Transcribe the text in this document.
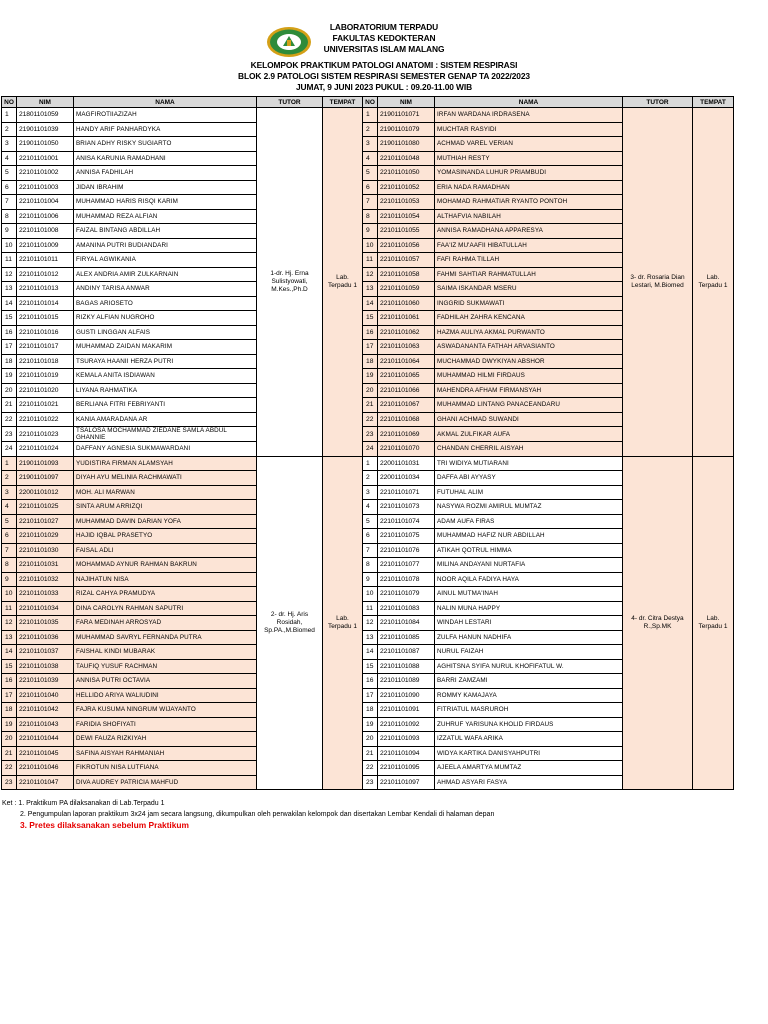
LABORATORIUM TERPADU
FAKULTAS KEDOKTERAN
UNIVERSITAS ISLAM MALANG
KELOMPOK PRAKTIKUM PATOLOGI ANATOMI : SISTEM RESPIRASI
BLOK 2.9 PATOLOGI SISTEM RESPIRASI SEMESTER GENAP TA 2022/2023
JUMAT, 9 JUNI 2023 PUKUL : 09.20-11.00 WIB
NO	NIM	NAMA	TUTOR	TEMPAT	NO	NIM	NAMA	TUTOR	TEMPAT
1	21801101059	MAGFIROTIIAZIZAH	1-dr. Hj. Erna Sulistyowati, M.Kes.,Ph.D	Lab. Terpadu 1	1	21901101071	IRFAN WARDANA IRDRASENA	3- dr. Rosaria Dian Lestari, M.Biomed	Lab. Terpadu 1
2	21901101039	HANDY ARIF PANHARDYKA			2	21901101079	MUCHTAR RASYIDI		
3	21901101050	BRIAN ADHY RISKY SUGIARTO			3	21901101080	ACHMAD VAREL VERIAN		
4	22101101001	ANISA KARUNIA RAMADHANI			4	22101101048	MUTHIAH RESTY		
5	22101101002	ANNISA FADHILAH			5	22101101050	YOMASINANDA LUHUR PRIAMBUDI		
6	22101101003	JIDAN IBRAHIM			6	22101101052	ERIA NADA RAMADHAN		
7	22101101004	MUHAMMAD HARIS RISQI KARIM			7	22101101053	MOHAMAD RAHMATIAR RYANTO PONTOH		
8	22101101006	MUHAMMAD REZA ALFIAN			8	22101101054	ALTHAFVIA NABILAH		
9	22101101008	FAIZAL BINTANG ABDILLAH			9	22101101055	ANNISA RAMADHANA APPARESYA		
10	22101101009	AMANINA PUTRI BUDIANDARI			10	22101101056	FAA'IZ MU'AAFII HIBATULLAH		
11	22101101011	FIRYAL AGWIKANIA			11	22101101057	FAFI RAHMA TILLAH		
12	22101101012	ALEX ANDRIA AMIR ZULKARNAIN			12	22101101058	FAHMI SAHTIAR RAHMATULLAH		
13	22101101013	ANDINY TARISA ANWAR			13	22101101059	SAIMA ISKANDAR MSERU		
14	22101101014	BAGAS ARIOSETO			14	22101101060	INGGRID SUKMAWATI		
15	22101101015	RIZKY ALFIAN NUGROHO			15	22101101061	FADHILAH ZAHRA KENCANA		
16	22101101016	GUSTI LINGGAN ALFAIS			16	22101101062	HAZMA AULIYA AKMAL PURWANTO		
17	22101101017	MUHAMMAD ZAIDAN MAKARIM			17	22101101063	ASWADANANTA FATHAH ARVASIANTO		
18	22101101018	TSURAYA HAANII HERZA PUTRI			18	22101101064	MUCHAMMAD DWYKIYAN ABSHOR		
19	22101101019	KEMALA ANITA ISDIAWAN			19	22101101065	MUHAMMAD HILMI FIRDAUS		
20	22101101020	LIYANA RAHMATIKA			20	22101101066	MAHENDRA AFHAM FIRMANSYAH		
21	22101101021	BERLIANA FITRI FEBRIYANTI			21	22101101067	MUHAMMAD LINTANG PANACEANDARU		
22	22101101022	KANIA AMARADANA AR			22	22101101068	GHANI ACHMAD SUWANDI		
23	22101101023	TSALOSA MOCHAMMAD ZIEDANE SAMLA ABDUL GHANNIE			23	22101101069	AKMAL ZULFIKAR AUFA		
24	22101101024	DAFFANY AGNESIA SUKMAWARDANI			24	22101101070	CHANDAN CHERRIL AISYAH		
1	21901101093	YUDISTIRA FIRMAN ALAMSYAH	2- dr. Hj. Aris Rosidah, Sp.PA.,M.Biomed	Lab. Terpadu 1	1	22001101031	TRI WIDIYA MUTIARANI	4- dr. Citra Destya R.,Sp.MK	Lab. Terpadu 1
2	21901101097	DIYAH AYU MELINIA RACHMAWATI			2	22001101034	DAFFA ABI AYYASY		
3	22001101012	MOH. ALI MARWAN			3	22101101071	FUTUHAL ALIM		
4	22101101025	SINTA ARUM ARRIZQI			4	22101101073	NASYWA ROZMI AMIRUL MUMTAZ		
5	22101101027	MUHAMMAD DAVIN DARIAN YOFA			5	22101101074	ADAM AUFA FIRAS		
6	22101101029	HAJID IQBAL PRASETYO			6	22101101075	MUHAMMAD HAFIZ NUR ABDILLAH		
7	22101101030	FAISAL ADLI			7	22101101076	ATIKAH QOTRUL HIMMA		
8	22101101031	MOHAMMAD AYNUR RAHMAN BAKRUN			8	22101101077	MILINA ANDAYANI NURTAFIA		
9	22101101032	NAJIHATUN NISA			9	22101101078	NOOR AQILA FADIYA HAYA		
10	22101101033	RIZAL CAHYA PRAMUDYA			10	22101101079	AINUL MUTMA'INAH		
11	22101101034	DINA CAROLYN RAHMAN SAPUTRI			11	22101101083	NALIN MUNA HAPPY		
12	22101101035	FARA MEDINAH ARROSYAD			12	22101101084	WINDAH LESTARI		
13	22101101036	MUHAMMAD SAVRYL FERNANDA PUTRA			13	22101101085	ZULFA HANUN NADHIFA		
14	22101101037	FAISHAL KINDI MUBARAK			14	22101101087	NURUL FAIZAH		
15	22101101038	TAUFIQ YUSUF RACHMAN			15	22101101088	AGHITSNA SYIFA NURUL KHOFIFATUL W.		
16	22101101039	ANNISA PUTRI OCTAVIA			16	22101101089	BARRI ZAMZAMI		
17	22101101040	HELLIDO ARIYA WALIUDINI			17	22101101090	ROMMY KAMAJAYA		
18	22101101042	FAJRA KUSUMA NINGRUM WIJAYANTO			18	22101101091	FITRIATUL MASRUROH		
19	22101101043	FARIDIA SHOFIYATI			19	22101101092	ZUHRUF YARISUNA KHOLID FIRDAUS		
20	22101101044	DEWI FAUZA RIZKIYAH			20	22101101093	IZZATUL WAFA ARIKA		
21	22101101045	SAFINA AISYAH RAHMANIAH			21	22101101094	WIDYA KARTIKA DANISYAHPUTRI		
22	22101101046	FIKROTUN NISA LUTFIANA			22	22101101095	AJEELA AMARTYA MUMTAZ		
23	22101101047	DIVA AUDREY PATRICIA MAHFUD			23	22101101097	AHMAD ASYARI FASYA		
Ket : 1. Praktikum PA dilaksanakan di Lab.Terpadu 1
2. Pengumpulan laporan praktikum 3x24 jam secara langsung, dikumpulkan oleh perwakilan kelompok dan disertakan Lembar Kendali di halaman depan
3. Pretes dilaksanakan sebelum Praktikum
